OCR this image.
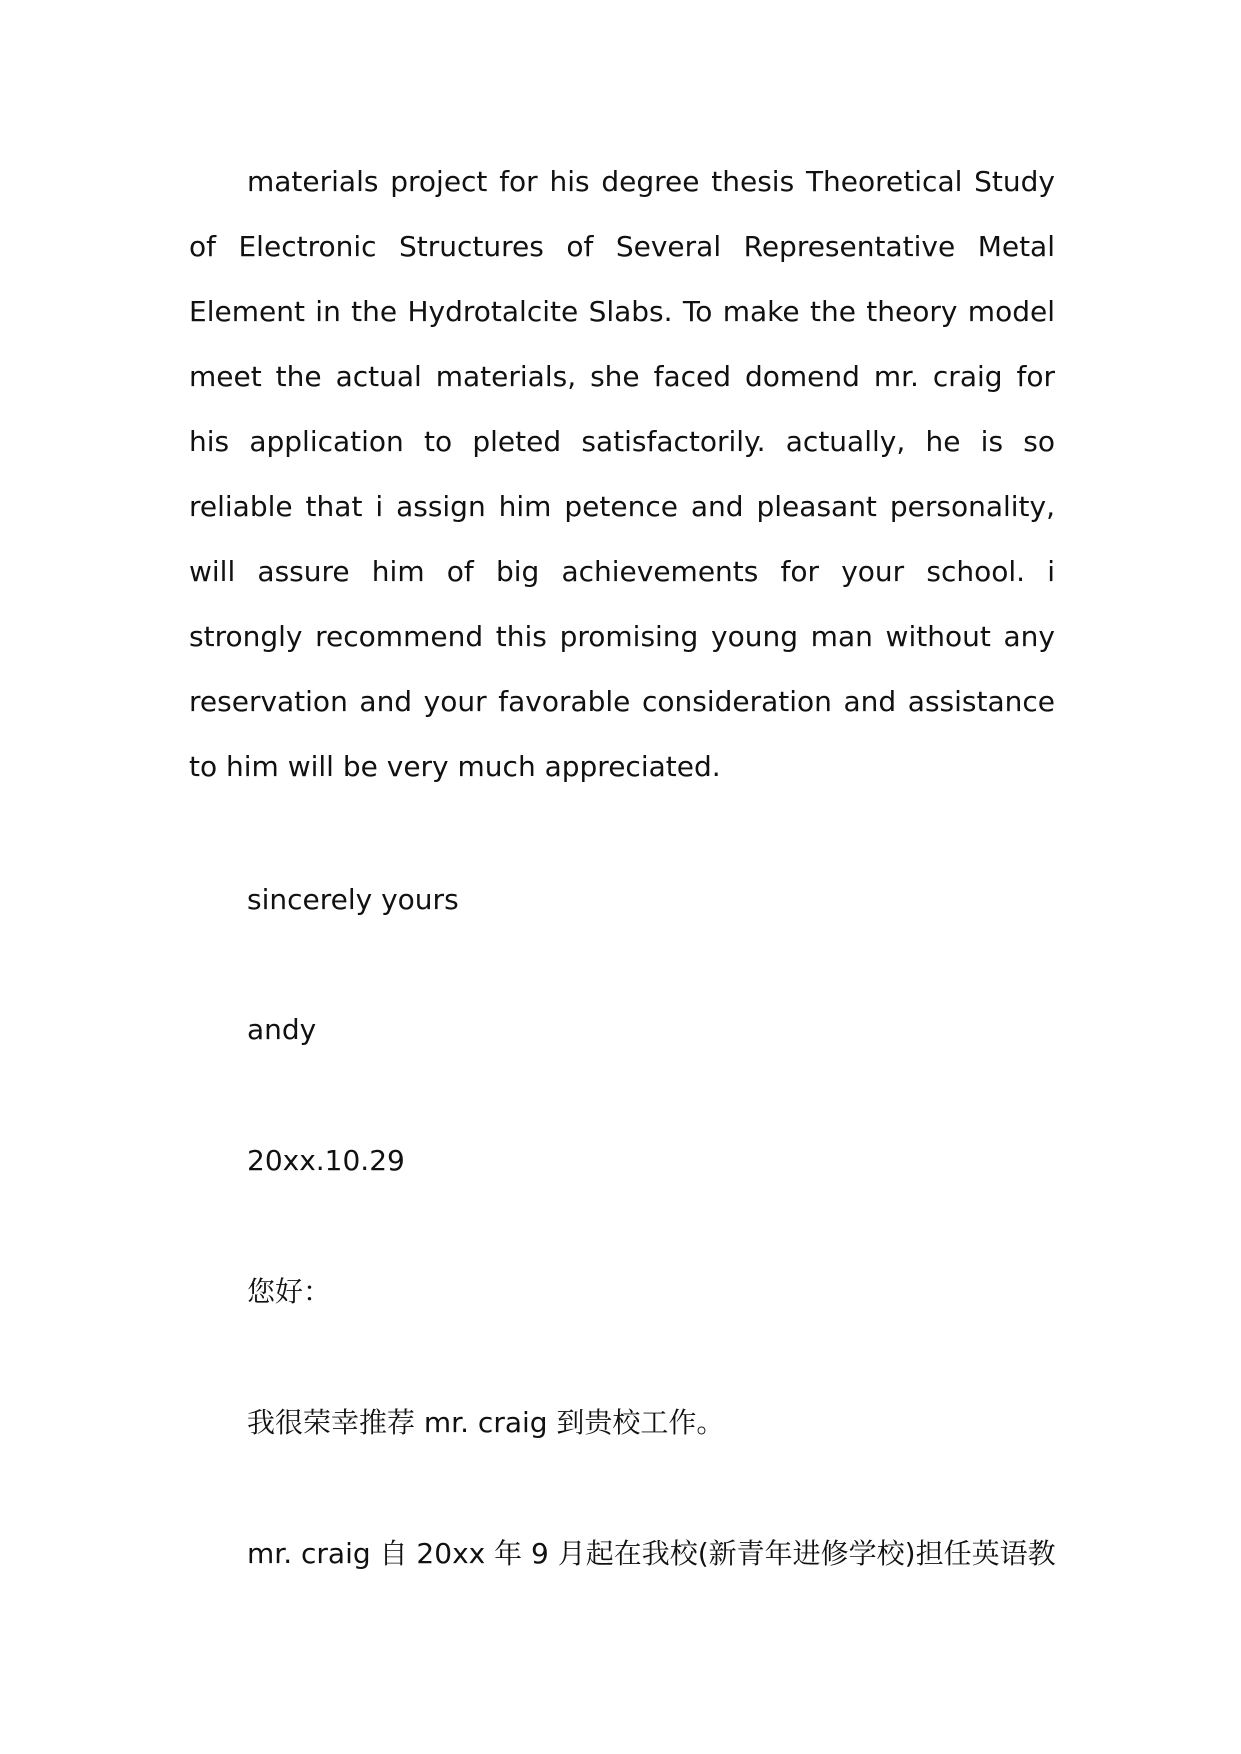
materials project for his degree thesis Theoretical Study of Electronic Structures of Several Representative Metal Element in the Hydrotalcite Slabs. To make the theory model meet the actual materials, she faced domend mr. craig for his application to pleted satisfactorily. actually, he is so reliable that i assign him petence and pleasant personality, will assure him of big achievements for your school. i strongly recommend this promising young man without any reservation and your favorable consideration and assistance to him will be very much appreciated.

sincerely yours

andy

20xx.10.29

您好：

我很荣幸推荐 mr. craig 到贵校工作。

mr. craig 自 20xx 年 9 月起在我校(新青年进修学校)担任英语教
